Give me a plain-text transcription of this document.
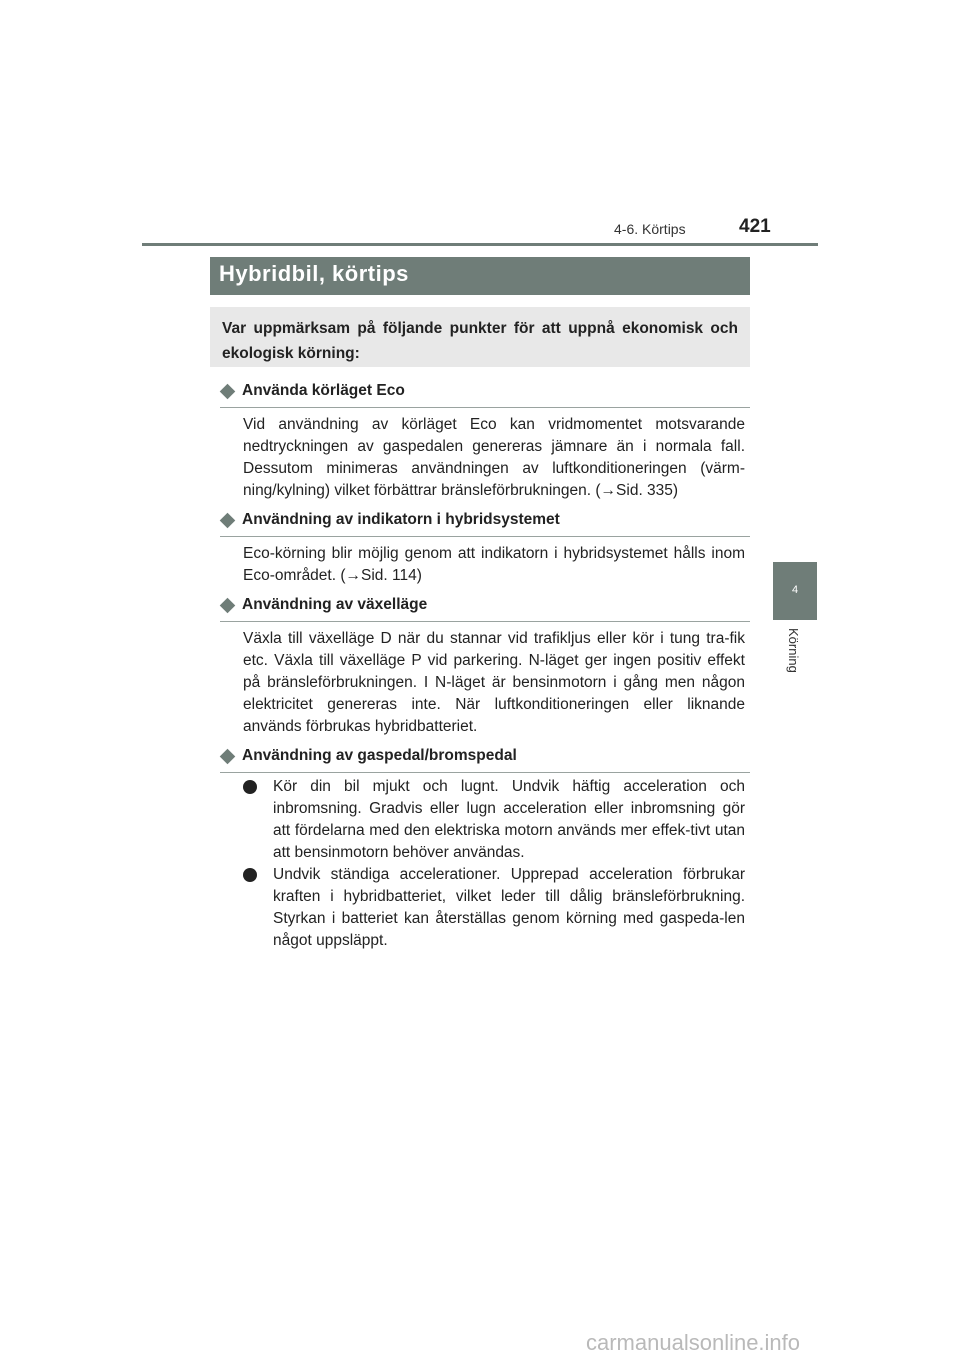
4-6. Körtips	421
4
Körning
Hybridbil, körtips

Var uppmärksam på följande punkter för att uppnå ekonomisk och ekologisk körning:

Använda körläget Eco

Vid användning av körläget Eco kan vridmomentet motsvarande nedtryckningen av gaspedalen genereras jämnare än i normala fall. Dessutom minimeras användningen av luftkonditioneringen (värm-ning/kylning) vilket förbättrar bränsleförbrukningen. (→Sid. 335)

Användning av indikatorn i hybridsystemet

Eco-körning blir möjlig genom att indikatorn i hybridsystemet hålls inom Eco-området. (→Sid. 114)

Användning av växelläge

Växla till växelläge D när du stannar vid trafikljus eller kör i tung tra-fik etc. Växla till växelläge P vid parkering. N-läget ger ingen positiv effekt på bränsleförbrukningen. I N-läget är bensinmotorn i gång men någon elektricitet genereras inte. När luftkonditioneringen eller liknande används förbrukas hybridbatteriet.

Användning av gaspedal/bromspedal

Kör din bil mjukt och lugnt. Undvik häftig acceleration och inbromsning. Gradvis eller lugn acceleration eller inbromsning gör att fördelarna med den elektriska motorn används mer effek-tivt utan att bensinmotorn behöver användas.

Undvik ständiga accelerationer. Upprepad acceleration förbrukar kraften i hybridbatteriet, vilket leder till dålig bränsleförbrukning. Styrkan i batteriet kan återställas genom körning med gaspeda-len något uppsläppt.

carmanualsonline.info
